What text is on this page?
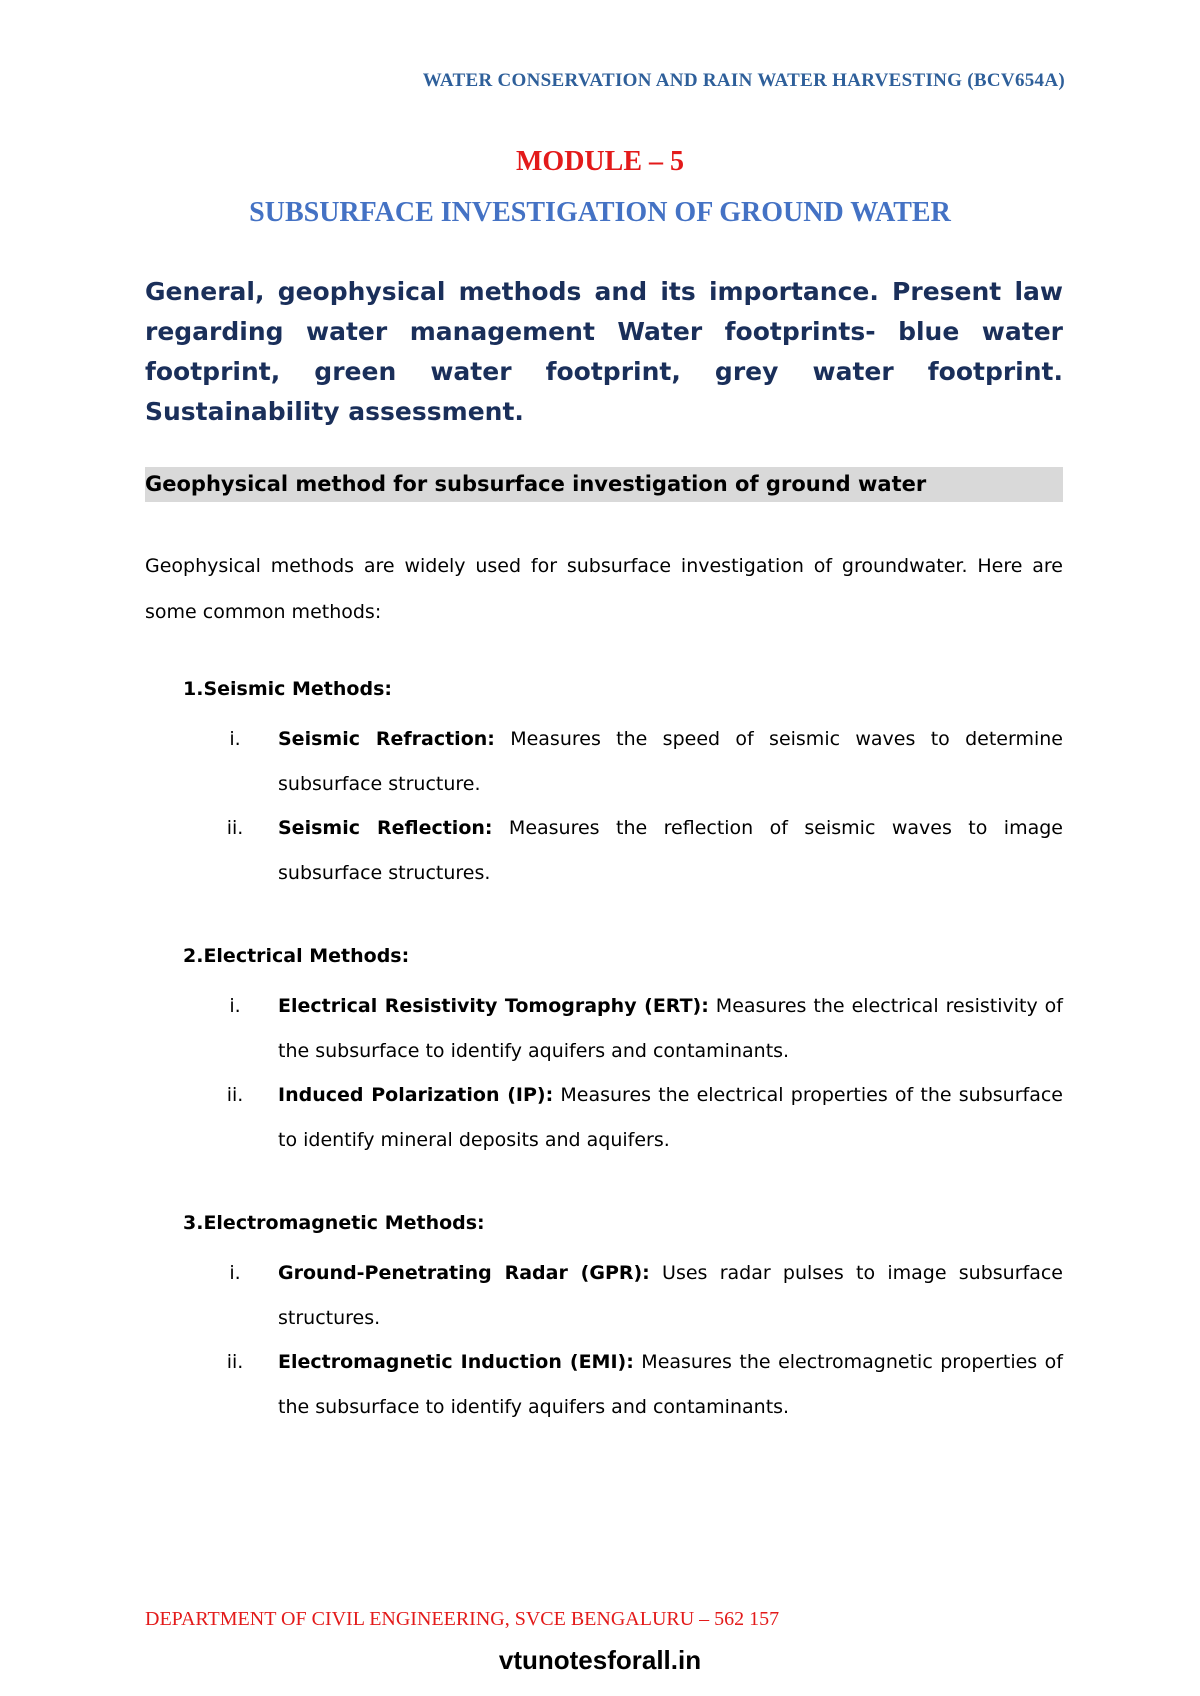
WATER CONSERVATION AND RAIN WATER HARVESTING (BCV654A)
MODULE – 5
SUBSURFACE INVESTIGATION OF GROUND WATER
General, geophysical methods and its importance. Present law regarding water management Water footprints- blue water footprint, green water footprint, grey water footprint. Sustainability assessment.
Geophysical method for subsurface investigation of ground water
Geophysical methods are widely used for subsurface investigation of groundwater. Here are some common methods:
1.Seismic Methods:
i.	Seismic Refraction: Measures the speed of seismic waves to determine subsurface structure.
ii.	Seismic Reflection: Measures the reflection of seismic waves to image subsurface structures.
2.Electrical Methods:
i.	Electrical Resistivity Tomography (ERT): Measures the electrical resistivity of the subsurface to identify aquifers and contaminants.
ii.	Induced Polarization (IP): Measures the electrical properties of the subsurface to identify mineral deposits and aquifers.
3.Electromagnetic Methods:
i.	Ground-Penetrating Radar (GPR): Uses radar pulses to image subsurface structures.
ii.	Electromagnetic Induction (EMI): Measures the electromagnetic properties of the subsurface to identify aquifers and contaminants.
DEPARTMENT OF CIVIL ENGINEERING, SVCE BENGALURU – 562 157
vtunotesforall.in
